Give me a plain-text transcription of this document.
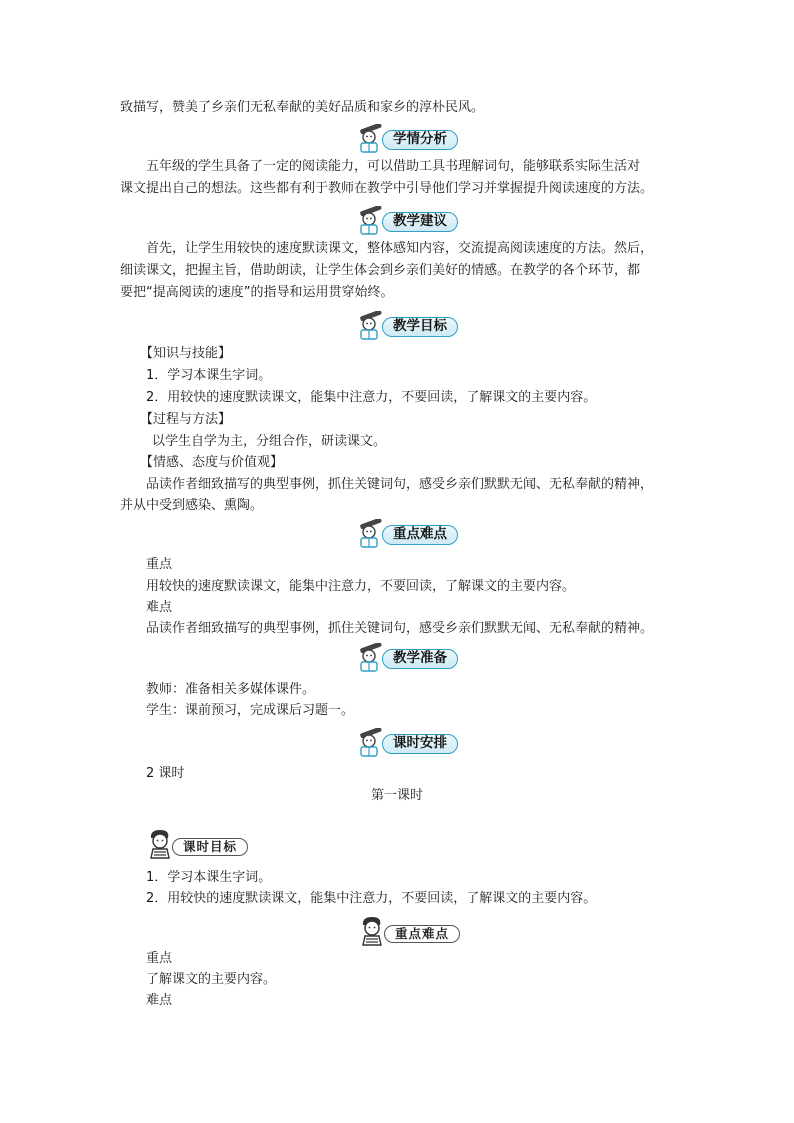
致描写，赞美了乡亲们无私奉献的美好品质和家乡的淳朴民风。
学情分析
五年级的学生具备了一定的阅读能力，可以借助工具书理解词句，能够联系实际生活对
课文提出自己的想法。这些都有利于教师在教学中引导他们学习并掌握提升阅读速度的方法。
教学建议
首先，让学生用较快的速度默读课文，整体感知内容，交流提高阅读速度的方法。然后，
细读课文，把握主旨，借助朗读，让学生体会到乡亲们美好的情感。在教学的各个环节，都
要把“提高阅读的速度”的指导和运用贯穿始终。
教学目标
【知识与技能】
1．学习本课生字词。
2．用较快的速度默读课文，能集中注意力，不要回读，了解课文的主要内容。
【过程与方法】
以学生自学为主，分组合作，研读课文。
【情感、态度与价值观】
品读作者细致描写的典型事例，抓住关键词句，感受乡亲们默默无闻、无私奉献的精神，
并从中受到感染、熏陶。
重点难点
重点
用较快的速度默读课文，能集中注意力，不要回读，了解课文的主要内容。
难点
品读作者细致描写的典型事例，抓住关键词句，感受乡亲们默默无闻、无私奉献的精神。
教学准备
教师：准备相关多媒体课件。
学生：课前预习，完成课后习题一。
课时安排
2 课时
第一课时
课时目标
1．学习本课生字词。
2．用较快的速度默读课文，能集中注意力，不要回读，了解课文的主要内容。
重点难点
重点
了解课文的主要内容。
难点
